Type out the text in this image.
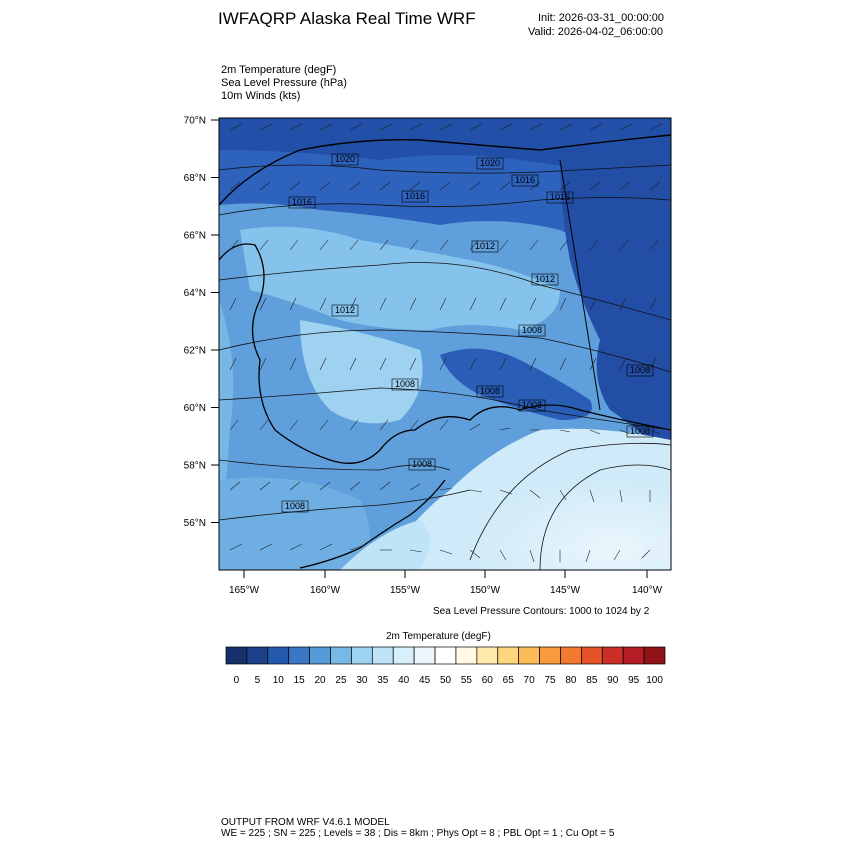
IWFAQRP Alaska Real Time WRF	Init: 2026-03-31_00:00:00
Valid: 2026-04-02_06:00:00
2m Temperature (degF)
Sea Level Pressure (hPa)
10m Winds (kts)
1020	1020
1016
1016
1016	1016
1012
1012
1012
1008
1008
1008
1008
1008
1008
1008
1008
70°N
68°N
66°N
64°N
62°N
60°N
58°N
56°N
165°W	160°W	155°W	150°W	145°W	140°W
Sea Level Pressure Contours: 1000 to 1024 by 2
2m Temperature (degF)
0 5 10 15 20 25 30 35 40 45 50 55 60 65 70 75 80 85 90 95 100
OUTPUT FROM WRF V4.6.1 MODEL
WE = 225 ; SN = 225 ; Levels = 38 ; Dis = 8km ; Phys Opt = 8 ; PBL Opt = 1 ; Cu Opt = 5
